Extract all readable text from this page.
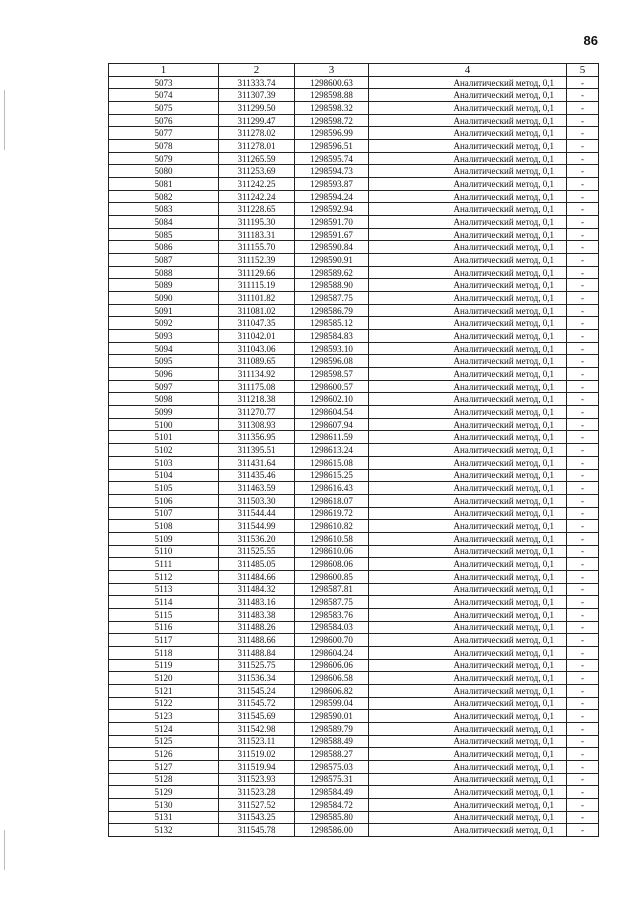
86
1	2	3	4	5
5073	311333.74	1298600.63	Аналитический метод, 0,1	-
5074	311307.39	1298598.88	Аналитический метод, 0,1	-
5075	311299.50	1298598.32	Аналитический метод, 0,1	-
5076	311299.47	1298598.72	Аналитический метод, 0,1	-
5077	311278.02	1298596.99	Аналитический метод, 0,1	-
5078	311278.01	1298596.51	Аналитический метод, 0,1	-
5079	311265.59	1298595.74	Аналитический метод, 0,1	-
5080	311253.69	1298594.73	Аналитический метод, 0,1	-
5081	311242.25	1298593.87	Аналитический метод, 0,1	-
5082	311242.24	1298594.24	Аналитический метод, 0,1	-
5083	311228.65	1298592.94	Аналитический метод, 0,1	-
5084	311195.30	1298591.70	Аналитический метод, 0,1	-
5085	311183.31	1298591.67	Аналитический метод, 0,1	-
5086	311155.70	1298590.84	Аналитический метод, 0,1	-
5087	311152.39	1298590.91	Аналитический метод, 0,1	-
5088	311129.66	1298589.62	Аналитический метод, 0,1	-
5089	311115.19	1298588.90	Аналитический метод, 0,1	-
5090	311101.82	1298587.75	Аналитический метод, 0,1	-
5091	311081.02	1298586.79	Аналитический метод, 0,1	-
5092	311047.35	1298585.12	Аналитический метод, 0,1	-
5093	311042.01	1298584.83	Аналитический метод, 0,1	-
5094	311043.06	1298593.10	Аналитический метод, 0,1	-
5095	311089.65	1298596.08	Аналитический метод, 0,1	-
5096	311134.92	1298598.57	Аналитический метод, 0,1	-
5097	311175.08	1298600.57	Аналитический метод, 0,1	-
5098	311218.38	1298602.10	Аналитический метод, 0,1	-
5099	311270.77	1298604.54	Аналитический метод, 0,1	-
5100	311308.93	1298607.94	Аналитический метод, 0,1	-
5101	311356.95	1298611.59	Аналитический метод, 0,1	-
5102	311395.51	1298613.24	Аналитический метод, 0,1	-
5103	311431.64	1298615.08	Аналитический метод, 0,1	-
5104	311435.46	1298615.25	Аналитический метод, 0,1	-
5105	311463.59	1298616.43	Аналитический метод, 0,1	-
5106	311503.30	1298618.07	Аналитический метод, 0,1	-
5107	311544.44	1298619.72	Аналитический метод, 0,1	-
5108	311544.99	1298610.82	Аналитический метод, 0,1	-
5109	311536.20	1298610.58	Аналитический метод, 0,1	-
5110	311525.55	1298610.06	Аналитический метод, 0,1	-
5111	311485.05	1298608.06	Аналитический метод, 0,1	-
5112	311484.66	1298600.85	Аналитический метод, 0,1	-
5113	311484.32	1298587.81	Аналитический метод, 0,1	-
5114	311483.16	1298587.75	Аналитический метод, 0,1	-
5115	311483.38	1298583.76	Аналитический метод, 0,1	-
5116	311488.26	1298584.03	Аналитический метод, 0,1	-
5117	311488.66	1298600.70	Аналитический метод, 0,1	-
5118	311488.84	1298604.24	Аналитический метод, 0,1	-
5119	311525.75	1298606.06	Аналитический метод, 0,1	-
5120	311536.34	1298606.58	Аналитический метод, 0,1	-
5121	311545.24	1298606.82	Аналитический метод, 0,1	-
5122	311545.72	1298599.04	Аналитический метод, 0,1	-
5123	311545.69	1298590.01	Аналитический метод, 0,1	-
5124	311542.98	1298589.79	Аналитический метод, 0,1	-
5125	311523.11	1298588.49	Аналитический метод, 0,1	-
5126	311519.02	1298588.27	Аналитический метод, 0,1	-
5127	311519.94	1298575.03	Аналитический метод, 0,1	-
5128	311523.93	1298575.31	Аналитический метод, 0,1	-
5129	311523.28	1298584.49	Аналитический метод, 0,1	-
5130	311527.52	1298584.72	Аналитический метод, 0,1	-
5131	311543.25	1298585.80	Аналитический метод, 0,1	-
5132	311545.78	1298586.00	Аналитический метод, 0,1	-
